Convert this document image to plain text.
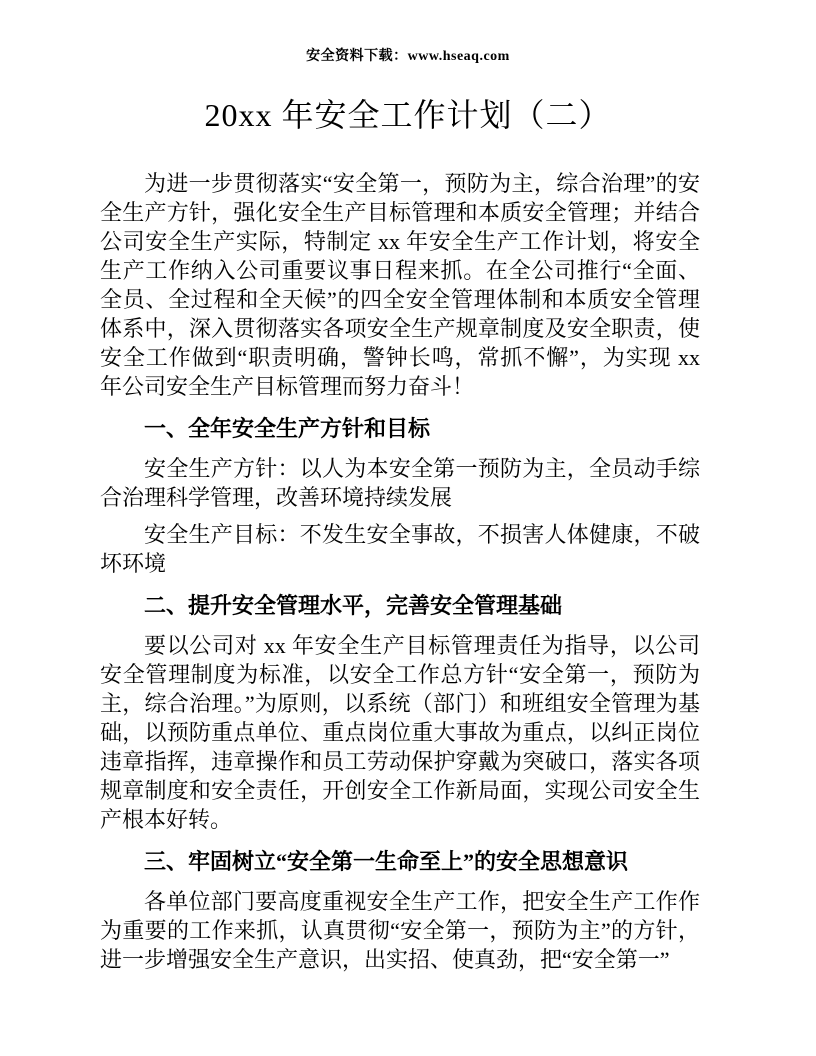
安全资料下载：www.hseaq.com
20xx 年安全工作计划（二）

为进一步贯彻落实“安全第一，预防为主，综合治理”的安全生产方针，强化安全生产目标管理和本质安全管理；并结合公司安全生产实际，特制定 xx 年安全生产工作计划，将安全生产工作纳入公司重要议事日程来抓。在全公司推行“全面、全员、全过程和全天候”的四全安全管理体制和本质安全管理体系中，深入贯彻落实各项安全生产规章制度及安全职责，使安全工作做到“职责明确，警钟长鸣，常抓不懈”，为实现 xx 年公司安全生产目标管理而努力奋斗！

一、全年安全生产方针和目标

安全生产方针：以人为本安全第一预防为主，全员动手综合治理科学管理，改善环境持续发展

安全生产目标：不发生安全事故，不损害人体健康，不破坏环境

二、提升安全管理水平，完善安全管理基础

要以公司对 xx 年安全生产目标管理责任为指导，以公司安全管理制度为标准，以安全工作总方针“安全第一，预防为主，综合治理。”为原则，以系统（部门）和班组安全管理为基础，以预防重点单位、重点岗位重大事故为重点，以纠正岗位违章指挥，违章操作和员工劳动保护穿戴为突破口，落实各项规章制度和安全责任，开创安全工作新局面，实现公司安全生产根本好转。

三、牢固树立“安全第一生命至上”的安全思想意识

各单位部门要高度重视安全生产工作，把安全生产工作作为重要的工作来抓，认真贯彻“安全第一，预防为主”的方针，进一步增强安全生产意识，出实招、使真劲，把“安全第一”
